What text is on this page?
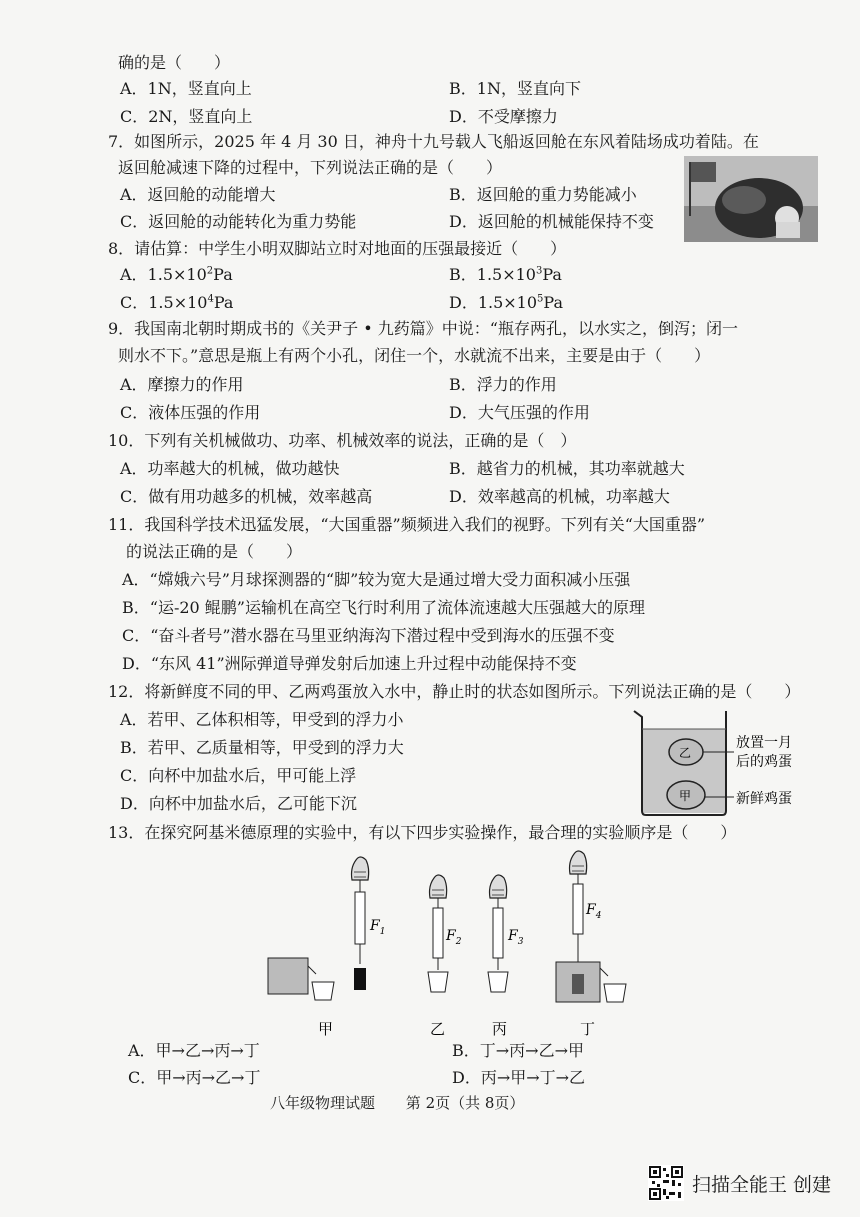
确的是（　　）
A．1N，竖直向上	B．1N，竖直向下
C．2N，竖直向上	D．不受摩擦力
7．如图所示，2025 年 4 月 30 日，神舟十九号载人飞船返回舱在东风着陆场成功着陆。在
返回舱减速下降的过程中，下列说法正确的是（　　）
A．返回舱的动能增大	B．返回舱的重力势能减小
C．返回舱的动能转化为重力势能	D．返回舱的机械能保持不变
8．请估算：中学生小明双脚站立时对地面的压强最接近（　　）
A．$1.5\times 10^2Pa$	B．$1.5\times 10^3Pa$
C．$1.5\times 10^4Pa$	D．$1.5\times 10^5Pa$
9．我国南北朝时期成书的《关尹子 • 九药篇》中说：“瓶存两孔，以水实之，倒泻；闭一
则水不下。”意思是瓶上有两个小孔，闭住一个，水就流不出来，主要是由于（　　）
A．摩擦力的作用	B．浮力的作用
C．液体压强的作用	D．大气压强的作用
10．下列有关机械做功、功率、机械效率的说法，正确的是（　）
A．功率越大的机械，做功越快	B．越省力的机械，其功率就越大
C．做有用功越多的机械，效率越高	D．效率越高的机械，功率越大
11．我国科学技术迅猛发展，“大国重器”频频进入我们的视野。下列有关“大国重器”
的说法正确的是（　　）
A．“嫦娥六号”月球探测器的“脚”较为宽大是通过增大受力面积减小压强
B．“运-20 鲲鹏”运输机在高空飞行时利用了流体流速越大压强越大的原理
C．“奋斗者号”潜水器在马里亚纳海沟下潜过程中受到海水的压强不变
D．“东风 41”洲际弹道导弹发射后加速上升过程中动能保持不变
12．将新鲜度不同的甲、乙两鸡蛋放入水中，静止时的状态如图所示。下列说法正确的是（　　）
A．若甲、乙体积相等，甲受到的浮力小
B．若甲、乙质量相等，甲受到的浮力大
C．向杯中加盐水后，甲可能上浮
D．向杯中加盐水后，乙可能下沉
乙
甲
放置一月
后的鸡蛋
新鲜鸡蛋
13．在探究阿基米德原理的实验中，有以下四步实验操作，最合理的实验顺序是（　　）
$F_1$	$F_2$	$F_3$
$F_4$
甲	乙	丙	丁
A．甲→乙→丙→丁	B．丁→丙→乙→甲
C．甲→丙→乙→丁	D．丙→甲→丁→乙
八年级物理试题 第 2页（共 8页）
扫描全能王 创建
